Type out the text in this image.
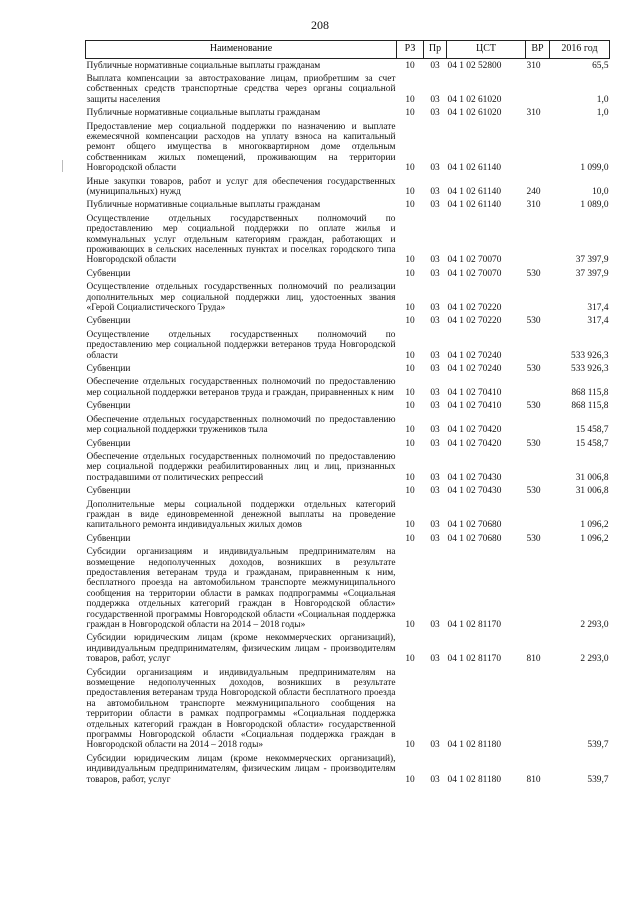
208
Наименование	РЗ	Пр	ЦСТ	ВР	2016 год
Публичные нормативные социальные выплаты гражданам	10	03	04 1 02 52800	310	65,5
Выплата компенсации за автострахование лицам, приобретшим за счет собственных средств транспортные средства через органы социальной защиты населения	10	03	04 1 02 61020		1,0
Публичные нормативные социальные выплаты гражданам	10	03	04 1 02 61020	310	1,0
Предоставление мер социальной поддержки по назначению и выплате ежемесячной компенсации расходов на уплату взноса на капитальный ремонт общего имущества в многоквартирном доме отдельным собственникам жилых помещений, проживающим на территории Новгородской области	10	03	04 1 02 61140		1 099,0
Иные закупки товаров, работ и услуг для обеспечения государственных (муниципальных) нужд	10	03	04 1 02 61140	240	10,0
Публичные нормативные социальные выплаты гражданам	10	03	04 1 02 61140	310	1 089,0
Осуществление отдельных государственных полномочий по предоставлению мер социальной поддержки по оплате жилья и коммунальных услуг отдельным категориям граждан, работающих и проживающих в сельских населенных пунктах и поселках городского типа Новгородской области	10	03	04 1 02 70070		37 397,9
Субвенции	10	03	04 1 02 70070	530	37 397,9
Осуществление отдельных государственных полномочий по реализации дополнительных мер социальной поддержки лиц, удостоенных звания «Герой Социалистического Труда»	10	03	04 1 02 70220		317,4
Субвенции	10	03	04 1 02 70220	530	317,4
Осуществление отдельных государственных полномочий по предоставлению мер социальной поддержки ветеранов труда Новгородской области	10	03	04 1 02 70240		533 926,3
Субвенции	10	03	04 1 02 70240	530	533 926,3
Обеспечение отдельных государственных полномочий по предоставлению мер социальной поддержки ветеранов труда и граждан, приравненных к ним	10	03	04 1 02 70410		868 115,8
Субвенции	10	03	04 1 02 70410	530	868 115,8
Обеспечение отдельных государственных полномочий по предоставлению мер социальной поддержки тружеников тыла	10	03	04 1 02 70420		15 458,7
Субвенции	10	03	04 1 02 70420	530	15 458,7
Обеспечение отдельных государственных полномочий по предоставлению мер социальной поддержки реабилитированных лиц и лиц, признанных пострадавшими от политических репрессий	10	03	04 1 02 70430		31 006,8
Субвенции	10	03	04 1 02 70430	530	31 006,8
Дополнительные меры социальной поддержки отдельных категорий граждан в виде единовременной денежной выплаты на проведение капитального ремонта индивидуальных жилых домов	10	03	04 1 02 70680		1 096,2
Субвенции	10	03	04 1 02 70680	530	1 096,2
Субсидии организациям и индивидуальным предпринимателям на возмещение недополученных доходов, возникших в результате предоставления ветеранам труда и гражданам, приравненным к ним, бесплатного проезда на автомобильном транспорте межмуниципального сообщения на территории области в рамках подпрограммы «Социальная поддержка отдельных категорий граждан в Новгородской области» государственной программы Новгородской области «Социальная поддержка граждан в Новгородской области на 2014 – 2018 годы»	10	03	04 1 02 81170		2 293,0
Субсидии юридическим лицам (кроме некоммерческих организаций), индивидуальным предпринимателям, физическим лицам - производителям товаров, работ, услуг	10	03	04 1 02 81170	810	2 293,0
Субсидии организациям и индивидуальным предпринимателям на возмещение недополученных доходов, возникших в результате предоставления ветеранам труда Новгородской области бесплатного проезда на автомобильном транспорте межмуниципального сообщения на территории области в рамках подпрограммы «Социальная поддержка отдельных категорий граждан в Новгородской области» государственной программы Новгородской области «Социальная поддержка граждан в Новгородской области на 2014 – 2018 годы»	10	03	04 1 02 81180		539,7
Субсидии юридическим лицам (кроме некоммерческих организаций), индивидуальным предпринимателям, физическим лицам - производителям товаров, работ, услуг	10	03	04 1 02 81180	810	539,7
